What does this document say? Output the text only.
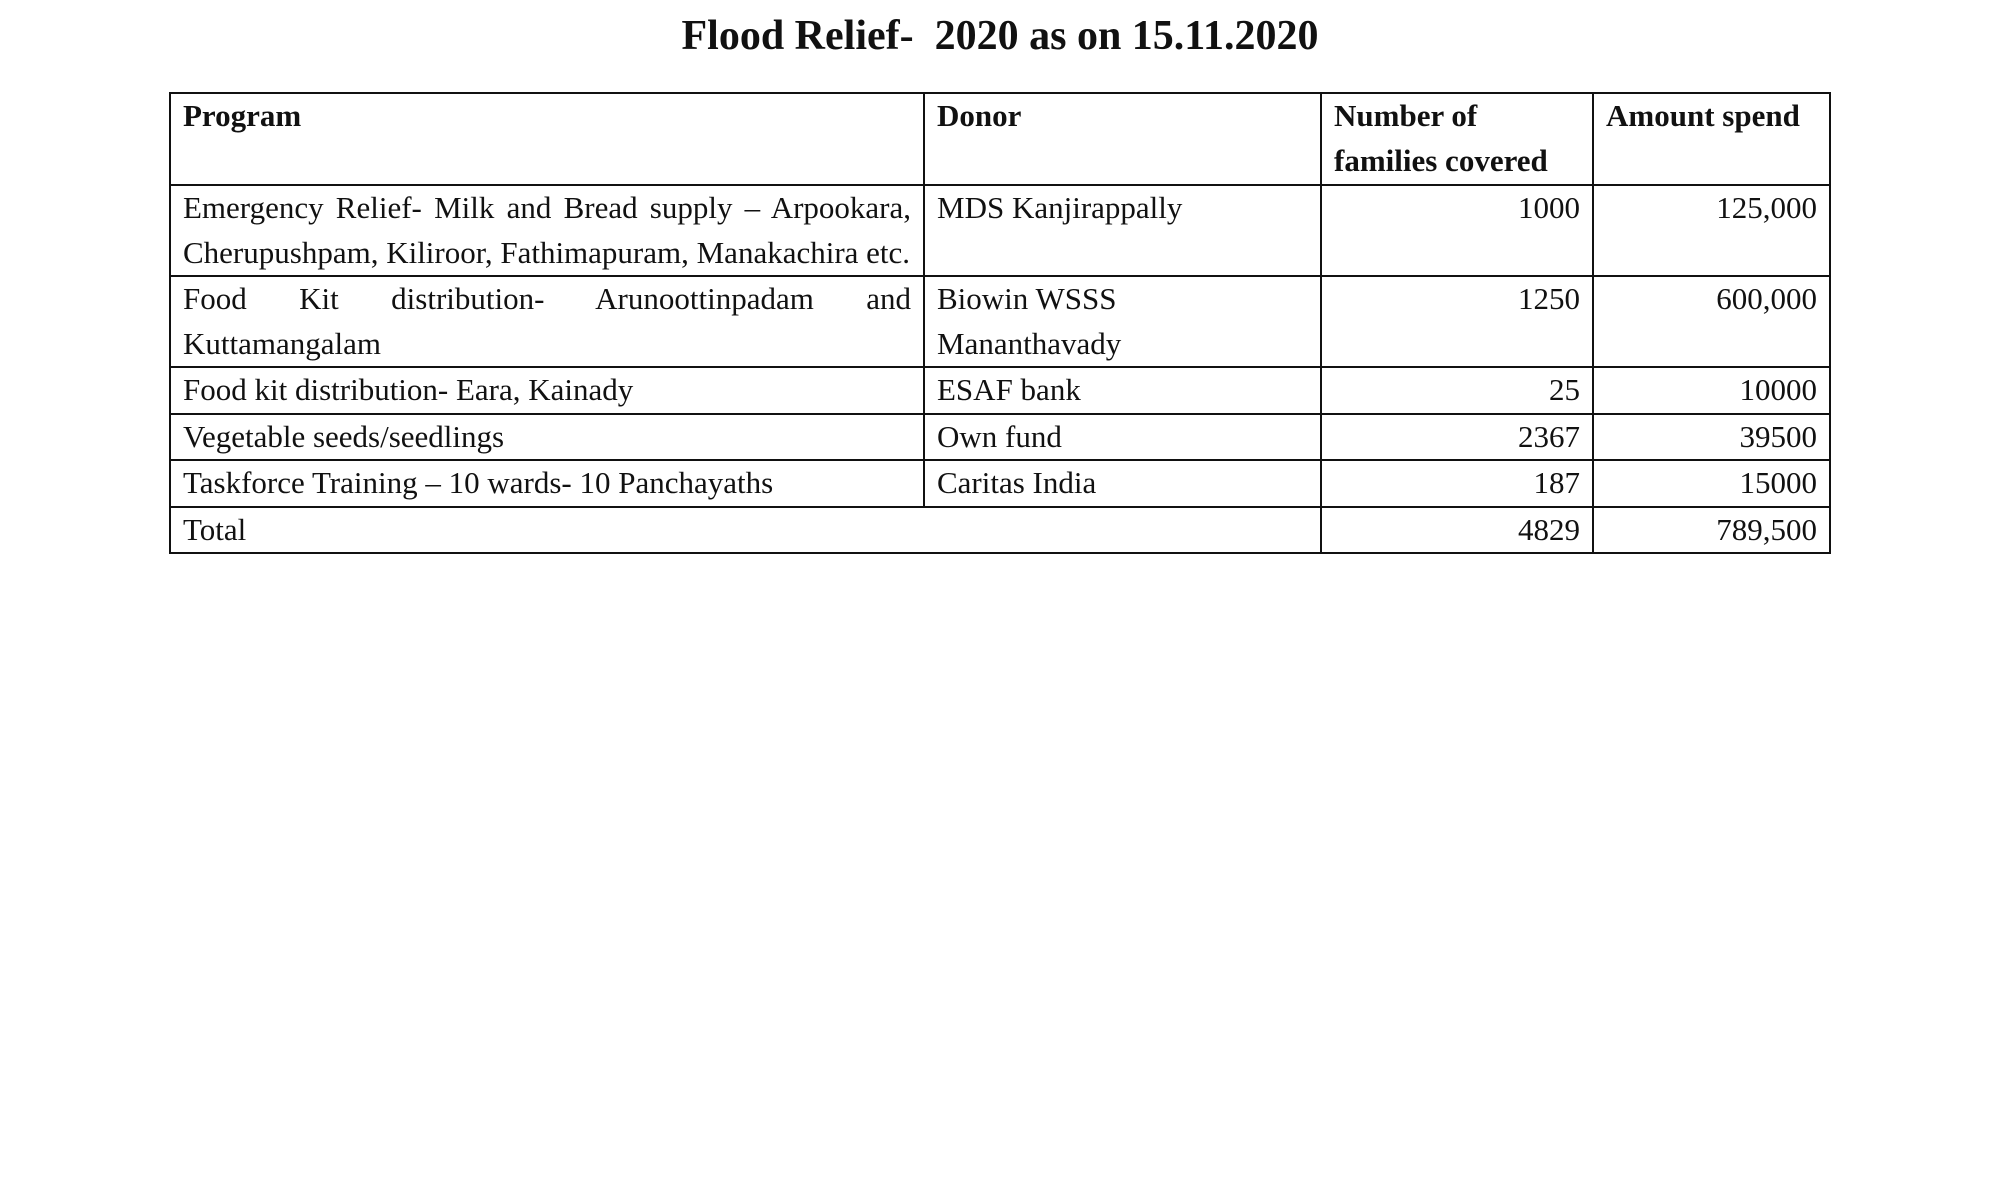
Flood Relief-  2020 as on 15.11.2020
Program	Donor	Number of families covered	Amount spend
Emergency Relief- Milk and Bread supply – Arpookara, Cherupushpam, Kiliroor, Fathimapuram, Manakachira etc.	MDS Kanjirappally	1000	125,000
Food Kit distribution- Arunoottinpadam and Kuttamangalam	Biowin WSSS Mananthavady	1250	600,000
Food kit distribution- Eara, Kainady	ESAF bank	25	10000
Vegetable seeds/seedlings	Own fund	2367	39500
Taskforce Training – 10 wards- 10 Panchayaths	Caritas India	187	15000
Total		4829	789,500
